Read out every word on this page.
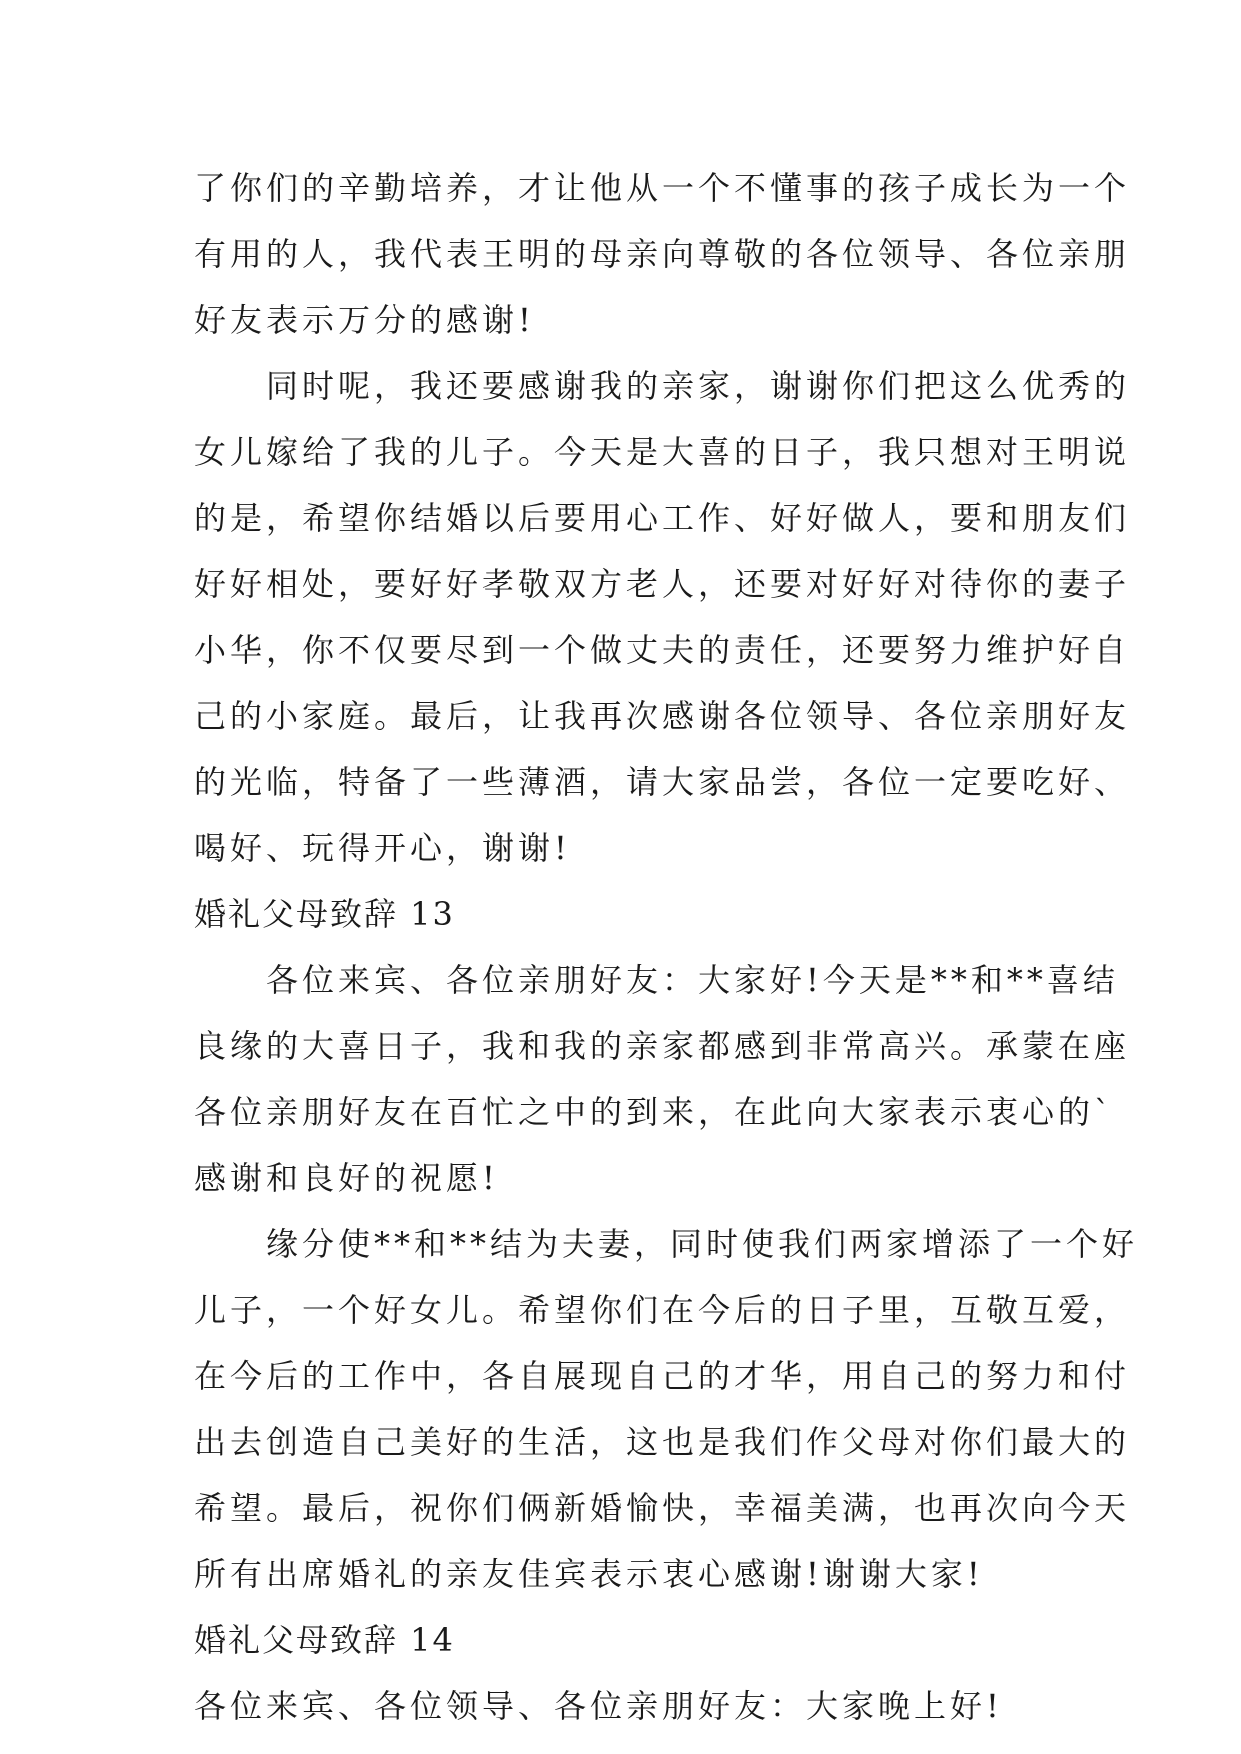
了你们的辛勤培养，才让他从一个不懂事的孩子成长为一个
有用的人，我代表王明的母亲向尊敬的各位领导、各位亲朋
好友表示万分的感谢!
　　同时呢，我还要感谢我的亲家，谢谢你们把这么优秀的
女儿嫁给了我的儿子。今天是大喜的日子，我只想对王明说
的是，希望你结婚以后要用心工作、好好做人，要和朋友们
好好相处，要好好孝敬双方老人，还要对好好对待你的妻子
小华，你不仅要尽到一个做丈夫的责任，还要努力维护好自
己的小家庭。最后，让我再次感谢各位领导、各位亲朋好友
的光临，特备了一些薄酒，请大家品尝，各位一定要吃好、
喝好、玩得开心，谢谢!
婚礼父母致辞 13
　　各位来宾、各位亲朋好友：大家好!今天是**和**喜结
良缘的大喜日子，我和我的亲家都感到非常高兴。承蒙在座
各位亲朋好友在百忙之中的到来，在此向大家表示衷心的`
感谢和良好的祝愿!
　　缘分使**和**结为夫妻，同时使我们两家增添了一个好
儿子，一个好女儿。希望你们在今后的日子里，互敬互爱，
在今后的工作中，各自展现自己的才华，用自己的努力和付
出去创造自己美好的生活，这也是我们作父母对你们最大的
希望。最后，祝你们俩新婚愉快，幸福美满，也再次向今天
所有出席婚礼的亲友佳宾表示衷心感谢!谢谢大家!
婚礼父母致辞 14
各位来宾、各位领导、各位亲朋好友：大家晚上好!
